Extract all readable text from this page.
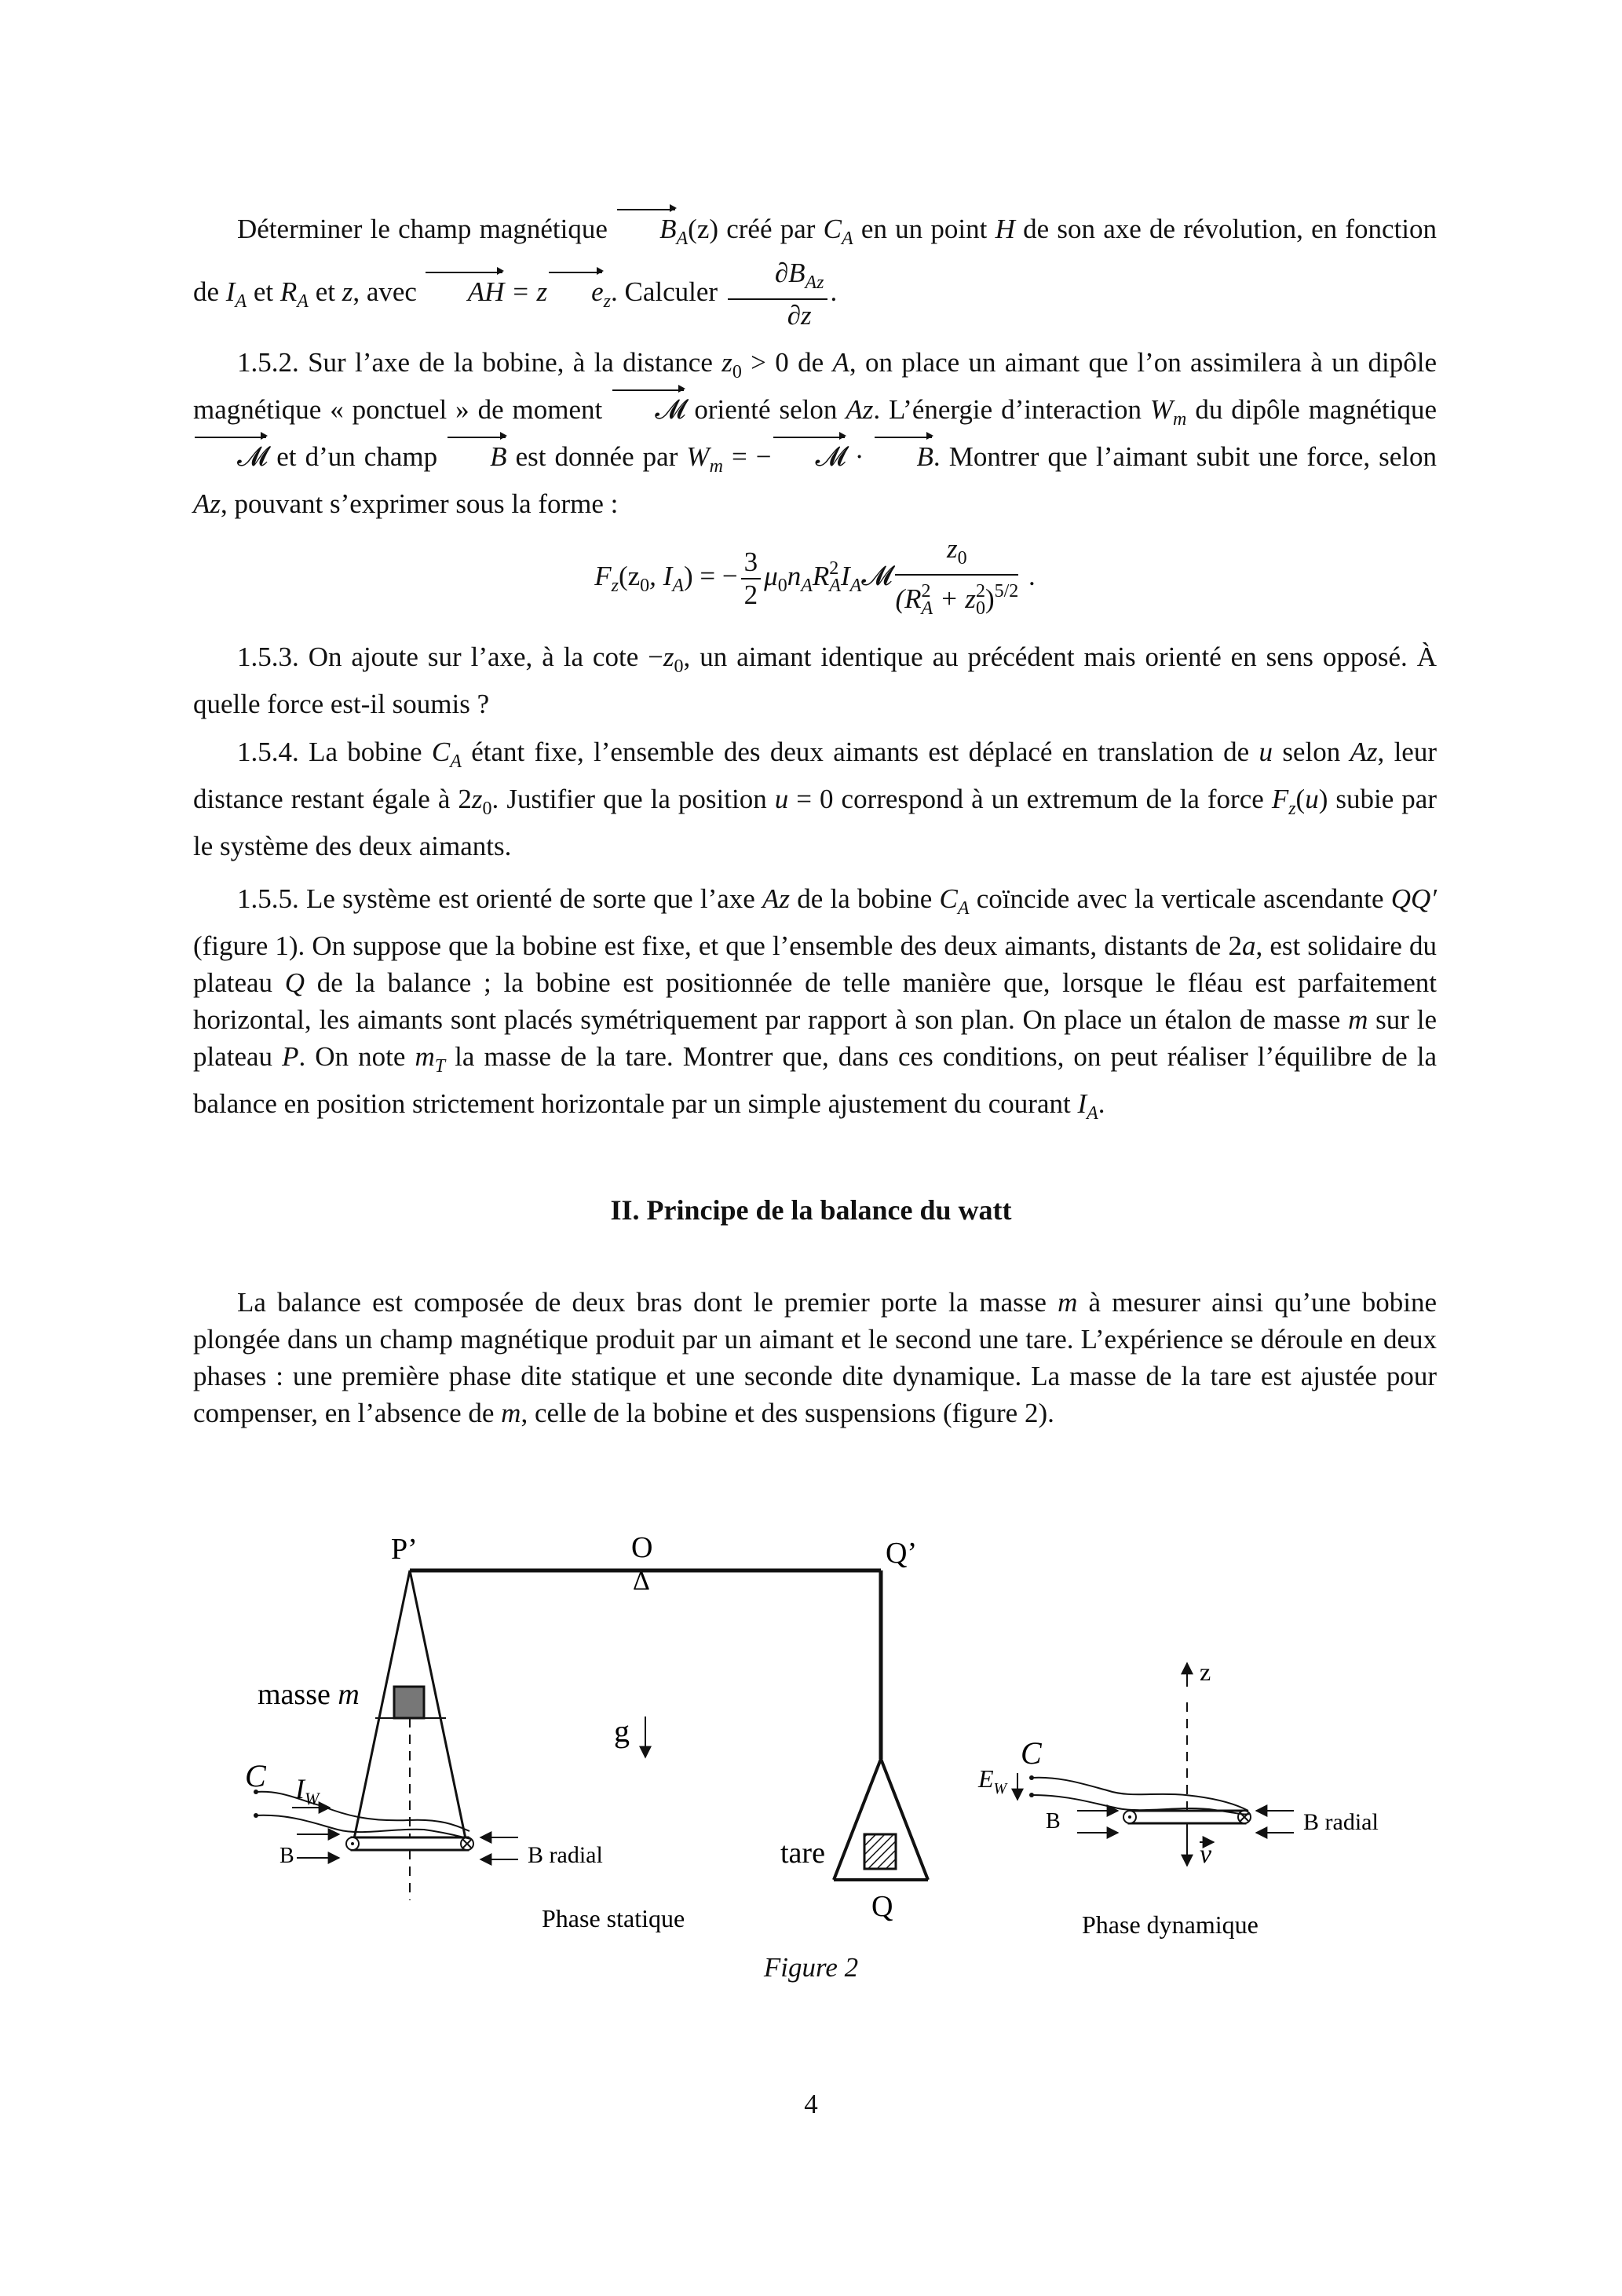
Déterminer le champ magnétique $B_A(z)$ créé par $C_A$ en un point H de son axe de révolution, en fonction de $I_A$ et $R_A$ et z, avec AH = z $e_z$. Calculer $\frac{\partial B_{Az}}{\partial z}$ .

1.5.2. Sur l’axe de la bobine, à la distance $z_0 > 0$ de A, on place un aimant que l’on assimilera à un dipôle magnétique « ponctuel » de moment 𝓜 orienté selon Az. L’énergie d’interaction $W_m$ du dipôle magnétique 𝓜 et d’un champ B est donnée par $W_m$ = − 𝓜 · B. Montrer que l’aimant subit une force, selon Az, pouvant s’exprimer sous la forme :

$F_z(z_0$, $I_A$) = − $\frac{3}{2}$ $\mu_0n_AR^2_AI_A𝓜 \frac{z_0}{(R^2_A + z^2_0)^{5/2}}$ .

1.5.3. On ajoute sur l’axe, à la $\cot e -z_0$, un aimant identique au précédent mais orienté en sens opposé. À quelle force est-il soumis ?

1.5.4. La bobine $C_A$ étant fixe, l’ensemble des deux aimants est déplacé en translation de u selon Az, leur distance restant égale à $2z_0$. Justifier que la position u = 0 correspond à un extremum de la force $F_z(u)$ subie par le système des deux aimants.

1.5.5. Le système est orienté de sorte que l’axe Az de la bobine $C_A$ coïncide avec la verticale ascendante QQ′ (figure 1). On suppose que la bobine est fixe, et que l’ensemble des deux aimants, distants de 2a, est solidaire du plateau Q de la balance ; la bobine est positionnée de telle manière que, lorsque le fléau est parfaitement horizontal, les aimants sont placés symétriquement par rapport à son plan. On place un étalon de masse m sur le plateau P. On note $m_T$ la masse de la tare. Montrer que, dans ces conditions, on peut réaliser l’équilibre de la balance en position strictement horizontale par un simple ajustement du courant $I_A$.

II. Principe de la balance du watt

La balance est composée de deux bras dont le premier porte la masse m à mesurer ainsi qu’une bobine plongée dans un champ magnétique produit par un aimant et le second une tare. L’expérience se déroule en deux phases : une première phase dite statique et une seconde dite dynamique. La masse de la tare est ajustée pour compenser, en l’absence de m, celle de la bobine et des suspensions (figure 2).

P’	O
Δ
Q’
masse m
C $I_W$
B	B radial
g
Phase statique
tare
Q
z
C
$E_W$
B	B radial
v
Phase dynamique
Figure 2
4
